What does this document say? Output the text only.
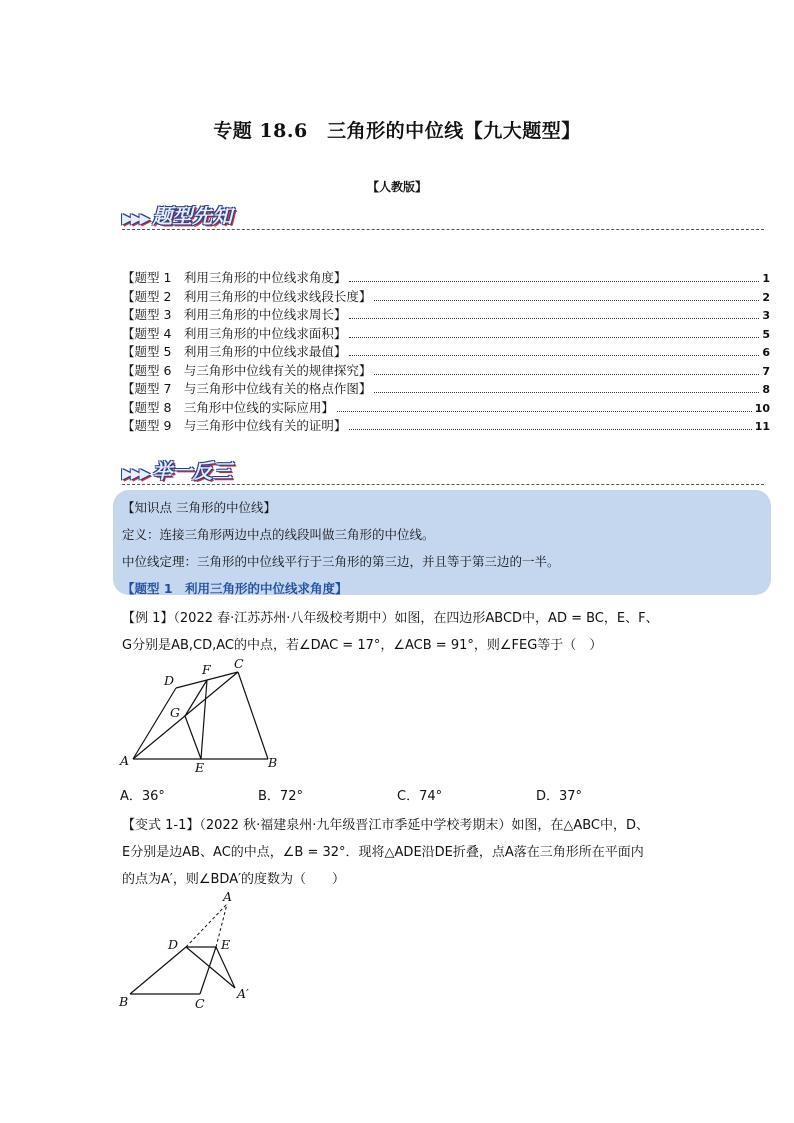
专题 18.6　三角形的中位线【九大题型】
【人教版】
▶▶▶ 题型先知
【题型 1　利用三角形的中位线求角度】	1
【题型 2　利用三角形的中位线求线段长度】	2
【题型 3　利用三角形的中位线求周长】	3
【题型 4　利用三角形的中位线求面积】	5
【题型 5　利用三角形的中位线求最值】	6
【题型 6　与三角形中位线有关的规律探究】	7
【题型 7　与三角形中位线有关的格点作图】	8
【题型 8　三角形中位线的实际应用】	10
【题型 9　与三角形中位线有关的证明】	11
▶▶▶ 举一反三
【知识点 三角形的中位线】
定义：连接三角形两边中点的线段叫做三角形的中位线。
中位线定理：三角形的中位线平行于三角形的第三边，并且等于第三边的一半。
【题型 1　利用三角形的中位线求角度】
【例 1】（2022 春·江苏苏州·八年级校考期中）如图，在四边形ABCD中，AD = BC，E、F、
G分别是AB,CD,AC的中点，若∠DAC = 17°，∠ACB = 91°，则∠FEG等于（　）
A	B
C
D
E
F
G
A．36°	B．72°	C．74°	D．37°
【变式 1-1】（2022 秋·福建泉州·九年级晋江市季延中学校考期末）如图，在△ABC中，D、
E分别是边AB、AC的中点，∠B = 32°．现将△ADE沿DE折叠，点A落在三角形所在平面内
的点为A′，则∠BDA′的度数为（　　）
A
B	C
D	E
A′
